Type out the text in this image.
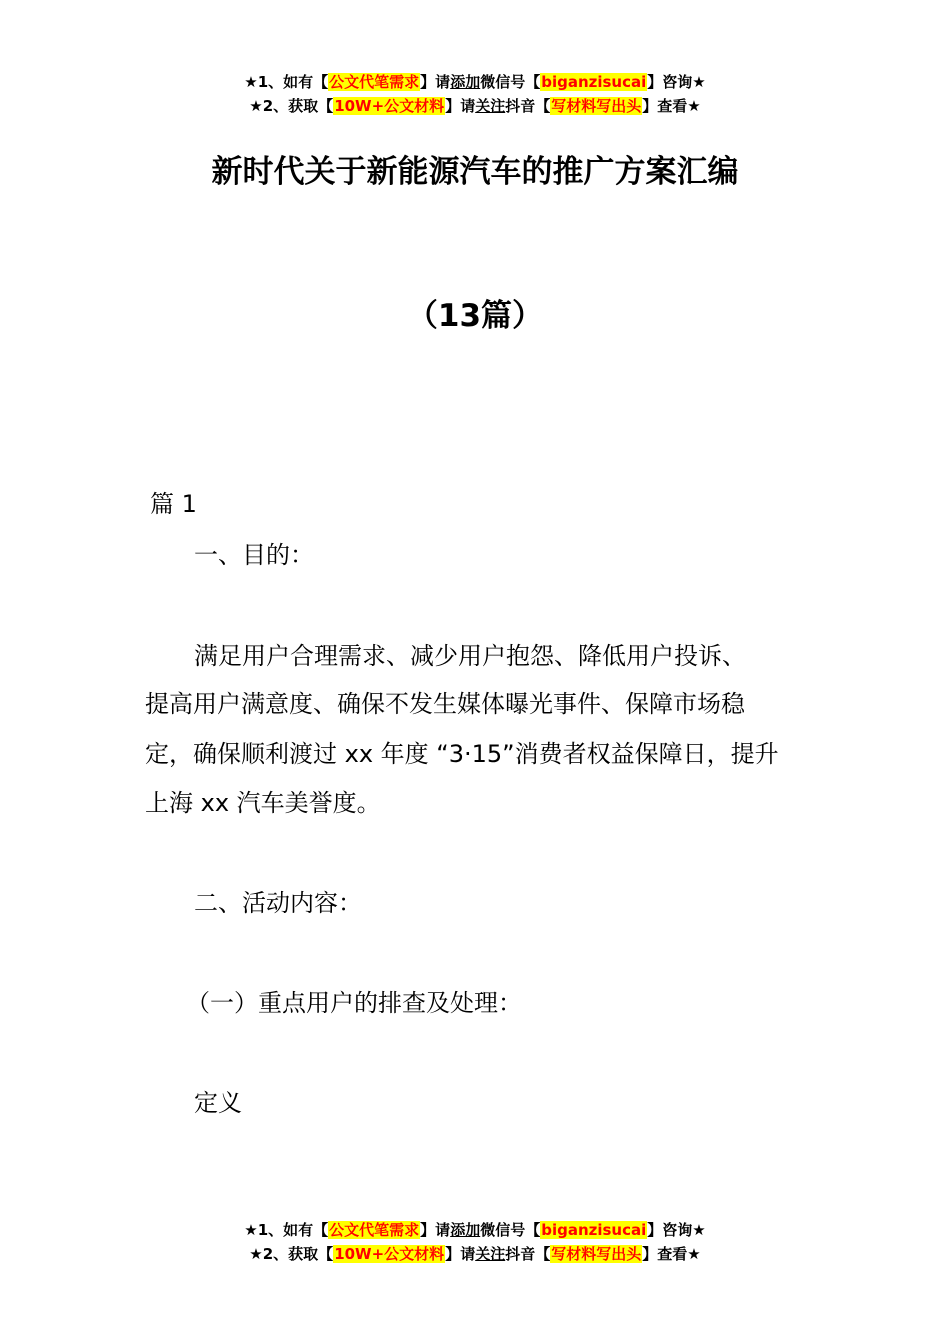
★1、如有【公文代笔需求】请添加微信号【biganzisucai】咨询★
★2、获取【10W+公文材料】请关注抖音【写材料写出头】查看★
新时代关于新能源汽车的推广方案汇编
（13篇）
篇 1
一、目的：
满足用户合理需求、减少用户抱怨、降低用户投诉、
提高用户满意度、确保不发生媒体曝光事件、保障市场稳
定，确保顺利渡过 xx 年度 “3·15”消费者权益保障日，提升
上海 xx 汽车美誉度。
二、活动内容：
（一）重点用户的排查及处理：
定义
★1、如有【公文代笔需求】请添加微信号【biganzisucai】咨询★
★2、获取【10W+公文材料】请关注抖音【写材料写出头】查看★
